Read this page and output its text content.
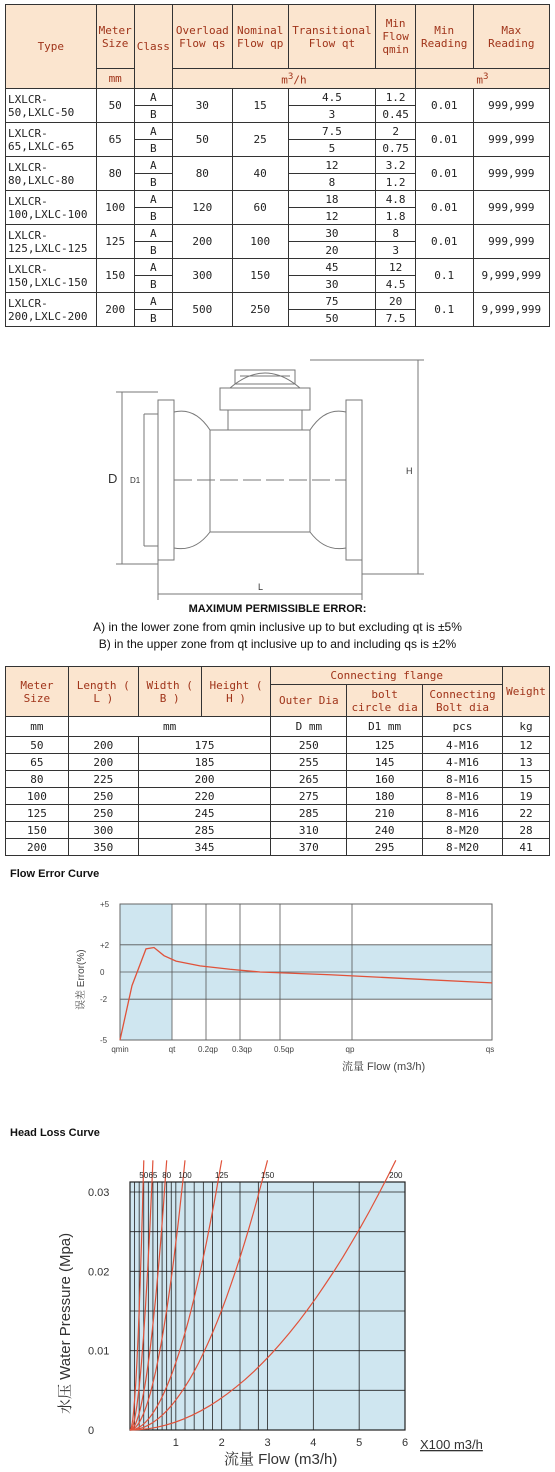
Type	Meter Size	Class	Overload Flow qs	Nominal Flow qp	Transitional Flow qt	Min Flow qmin	Min Reading	Max Reading
	mm		$m^3/h$				$m^3$
LXLCR-50,LXLC-50	50	A	30	15	4.5	1.2	0.01	999,999
		B			3	0.45		
LXLCR-65,LXLC-65	65	A	50	25	7.5	2	0.01	999,999
		B			5	0.75		
LXLCR-80,LXLC-80	80	A	80	40	12	3.2	0.01	999,999
		B			8	1.2		
LXLCR-100,LXLC-100	100	A	120	60	18	4.8	0.01	999,999
		B			12	1.8		
LXLCR-125,LXLC-125	125	A	200	100	30	8	0.01	999,999
		B			20	3		
LXLCR-150,LXLC-150	150	A	300	150	45	12	0.1	9,999,999
		B			30	4.5		
LXLCR-200,LXLC-200	200	A	500	250	75	20	0.1	9,999,999
		B			50	7.5		
D D1
H
L
MAXIMUM PERMISSIBLE ERROR:
A) in the lower zone from qmin inclusive up to but excluding qt is ±5%
B) in the upper zone from qt inclusive up to and including qs is ±2%
Meter Size	Length ( L )	Width ( B )	Height ( H )	Connecting flange			Weight
				Outer Dia	bolt circle dia	Connecting Bolt dia	
mm	mm			D mm	D1 mm	pcs	kg
50	200	175		250	125	4-M16	12
65	200	185		255	145	4-M16	13
80	225	200		265	160	8-M16	15
100	250	220		275	180	8-M16	19
125	250	245		285	210	8-M16	22
150	300	285		310	240	8-M20	28
200	350	345		370	295	8-M20	41
Flow Error Curve
+5
+2
0
-2
-5
qmin	qt	0.2qp 0.3qp	0.5qp	qp	qs
误差 Error(%)
流量 Flow (m3/h)
Head Loss Curve
50 65 80 100	125	150	200
0.03
0.02
0.01
0
1	2	3	4	5	6
水压 Water Pressure (Mpa)
流量 Flow (m3/h)
X100 m3/h
